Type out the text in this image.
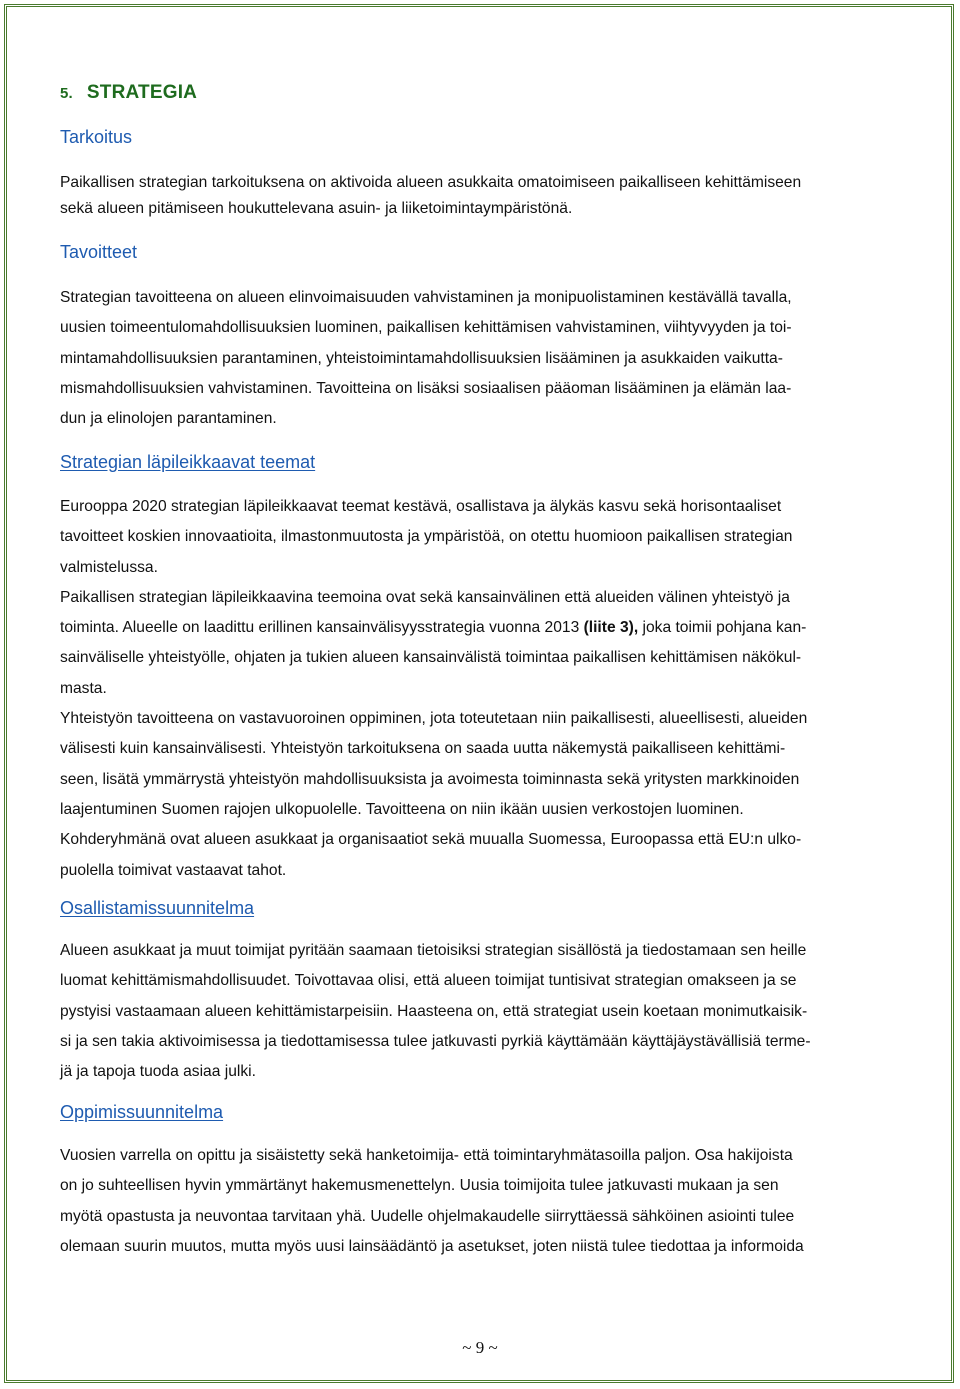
5. STRATEGIA
Tarkoitus
Paikallisen strategian tarkoituksena on aktivoida alueen asukkaita omatoimiseen paikalliseen kehittämiseen
sekä alueen pitämiseen houkuttelevana asuin- ja liiketoimintaympäristönä.
Tavoitteet
Strategian tavoitteena on alueen elinvoimaisuuden vahvistaminen ja monipuolistaminen kestävällä tavalla,
uusien toimeentulomahdollisuuksien luominen, paikallisen kehittämisen vahvistaminen, viihtyvyyden ja toi-
mintamahdollisuuksien parantaminen, yhteistoimintamahdollisuuksien lisääminen ja asukkaiden vaikutta-
mismahdollisuuksien vahvistaminen. Tavoitteina on lisäksi sosiaalisen pääoman lisääminen ja elämän laa-
dun ja elinolojen parantaminen.
Strategian läpileikkaavat teemat
Eurooppa 2020 strategian läpileikkaavat teemat kestävä, osallistava ja älykäs kasvu sekä horisontaaliset
tavoitteet koskien innovaatioita, ilmastonmuutosta ja ympäristöä, on otettu huomioon paikallisen strategian
valmistelussa.
Paikallisen strategian läpileikkaavina teemoina ovat sekä kansainvälinen että alueiden välinen yhteistyö ja
toiminta. Alueelle on laadittu erillinen kansainvälisyysstrategia vuonna 2013 (liite 3), joka toimii pohjana kan-
sainväliselle yhteistyölle, ohjaten ja tukien alueen kansainvälistä toimintaa paikallisen kehittämisen näkökul-
masta.
Yhteistyön tavoitteena on vastavuoroinen oppiminen, jota toteutetaan niin paikallisesti, alueellisesti, alueiden
välisesti kuin kansainvälisesti. Yhteistyön tarkoituksena on saada uutta näkemystä paikalliseen kehittämi-
seen, lisätä ymmärrystä yhteistyön mahdollisuuksista ja avoimesta toiminnasta sekä yritysten markkinoiden
laajentuminen Suomen rajojen ulkopuolelle. Tavoitteena on niin ikään uusien verkostojen luominen.
Kohderyhmänä ovat alueen asukkaat ja organisaatiot sekä muualla Suomessa, Euroopassa että EU:n ulko-
puolella toimivat vastaavat tahot.
Osallistamissuunnitelma
Alueen asukkaat ja muut toimijat pyritään saamaan tietoisiksi strategian sisällöstä ja tiedostamaan sen heille
luomat kehittämismahdollisuudet. Toivottavaa olisi, että alueen toimijat tuntisivat strategian omakseen ja se
pystyisi vastaamaan alueen kehittämistarpeisiin. Haasteena on, että strategiat usein koetaan monimutkaisik-
si ja sen takia aktivoimisessa ja tiedottamisessa tulee jatkuvasti pyrkiä käyttämään käyttäjäystävällisiä terme-
jä ja tapoja tuoda asiaa julki.
Oppimissuunnitelma
Vuosien varrella on opittu ja sisäistetty sekä hanketoimija- että toimintaryhmätasoilla paljon. Osa hakijoista
on jo suhteellisen hyvin ymmärtänyt hakemusmenettelyn. Uusia toimijoita tulee jatkuvasti mukaan ja sen
myötä opastusta ja neuvontaa tarvitaan yhä. Uudelle ohjelmakaudelle siirryttäessä sähköinen asiointi tulee
olemaan suurin muutos, mutta myös uusi lainsäädäntö ja asetukset, joten niistä tulee tiedottaa ja informoida
~ 9 ~
